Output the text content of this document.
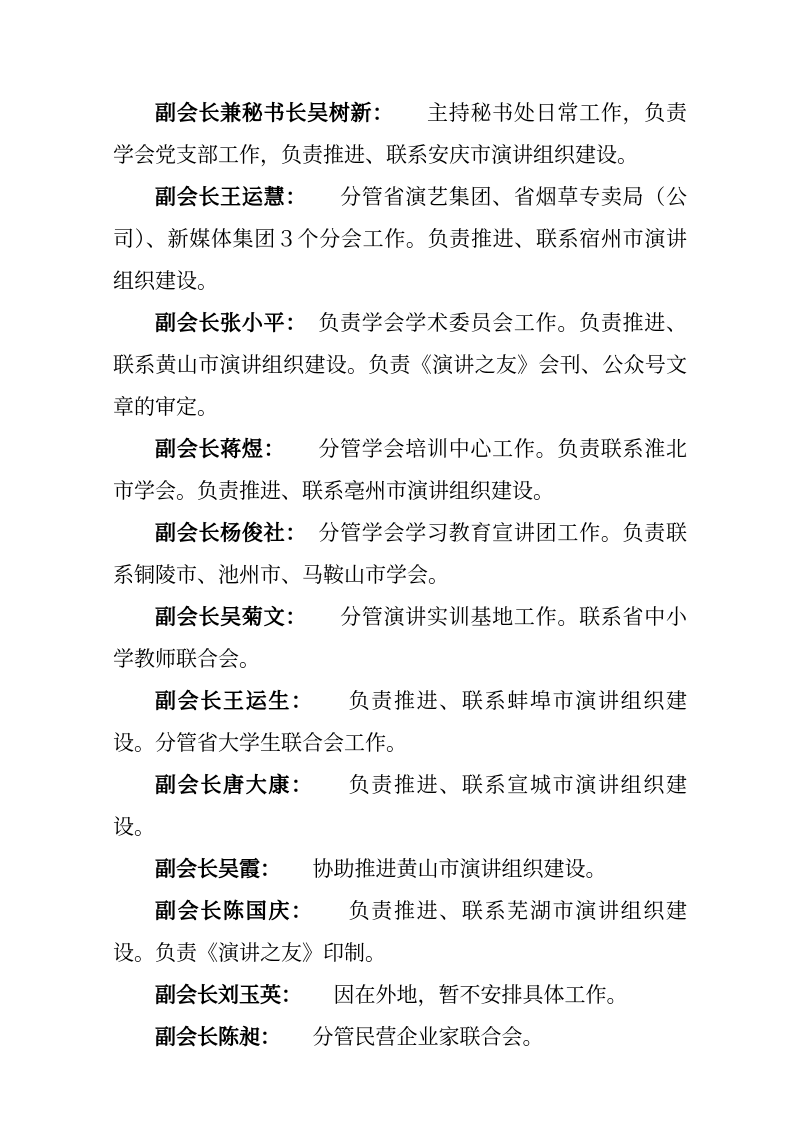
副会长兼秘书长吴树新：　　主持秘书处日常工作，负责学会党支部工作，负责推进、联系安庆市演讲组织建设。

副会长王运慧：　　分管省演艺集团、省烟草专卖局（公司）、新媒体集团３个分会工作。负责推进、联系宿州市演讲组织建设。

副会长张小平：　负责学会学术委员会工作。负责推进、联系黄山市演讲组织建设。负责《演讲之友》会刊、公众号文章的审定。

副会长蒋煜：　　分管学会培训中心工作。负责联系淮北市学会。负责推进、联系亳州市演讲组织建设。

副会长杨俊社：　分管学会学习教育宣讲团工作。负责联系铜陵市、池州市、马鞍山市学会。

副会长吴菊文：　　分管演讲实训基地工作。联系省中小学教师联合会。

副会长王运生：　　负责推进、联系蚌埠市演讲组织建设。分管省大学生联合会工作。

副会长唐大康：　　负责推进、联系宣城市演讲组织建设。

副会长吴霞：　　协助推进黄山市演讲组织建设。

副会长陈国庆：　　负责推进、联系芜湖市演讲组织建设。负责《演讲之友》印制。

副会长刘玉英：　　因在外地，暂不安排具体工作。

副会长陈昶：　　分管民营企业家联合会。
